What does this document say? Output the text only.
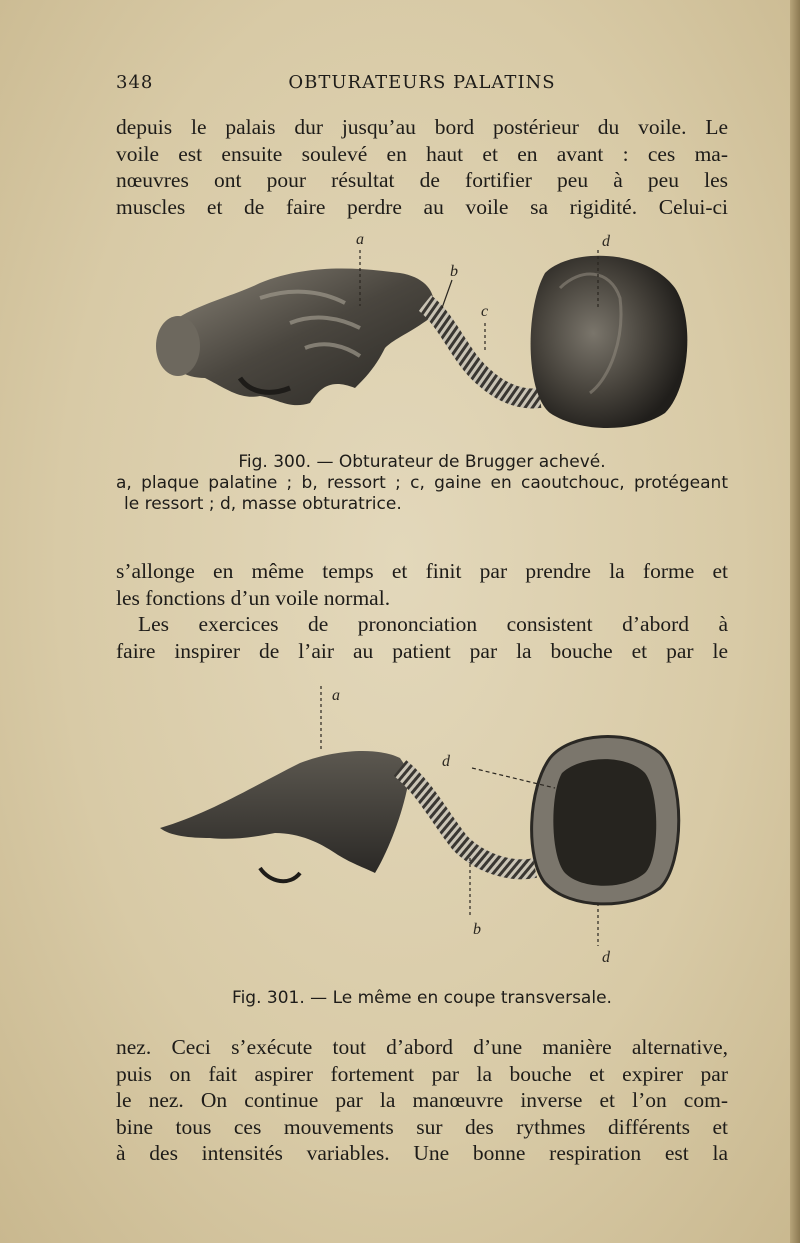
348	OBTURATEURS PALATINS
depuis le palais dur jusqu’au bord postérieur du voile. Le
voile est ensuite soulevé en haut et en avant : ces ma-
nœuvres ont pour résultat de fortifier peu à peu les
muscles et de faire perdre au voile sa rigidité. Celui-ci
a
b
c
d
Fig. 300. — Obturateur de Brugger achevé.
a, plaque palatine ; b, ressort ; c, gaine en caoutchouc, protégeant
le ressort ; d, masse obturatrice.
s’allonge en même temps et finit par prendre la forme et
les fonctions d’un voile normal.
Les exercices de prononciation consistent d’abord à
faire inspirer de l’air au patient par la bouche et par le
a
d
b
d
Fig. 301. — Le même en coupe transversale.
nez. Ceci s’exécute tout d’abord d’une manière alternative,
puis on fait aspirer fortement par la bouche et expirer par
le nez. On continue par la manœuvre inverse et l’on com-
bine tous ces mouvements sur des rythmes différents et
à des intensités variables. Une bonne respiration est la
